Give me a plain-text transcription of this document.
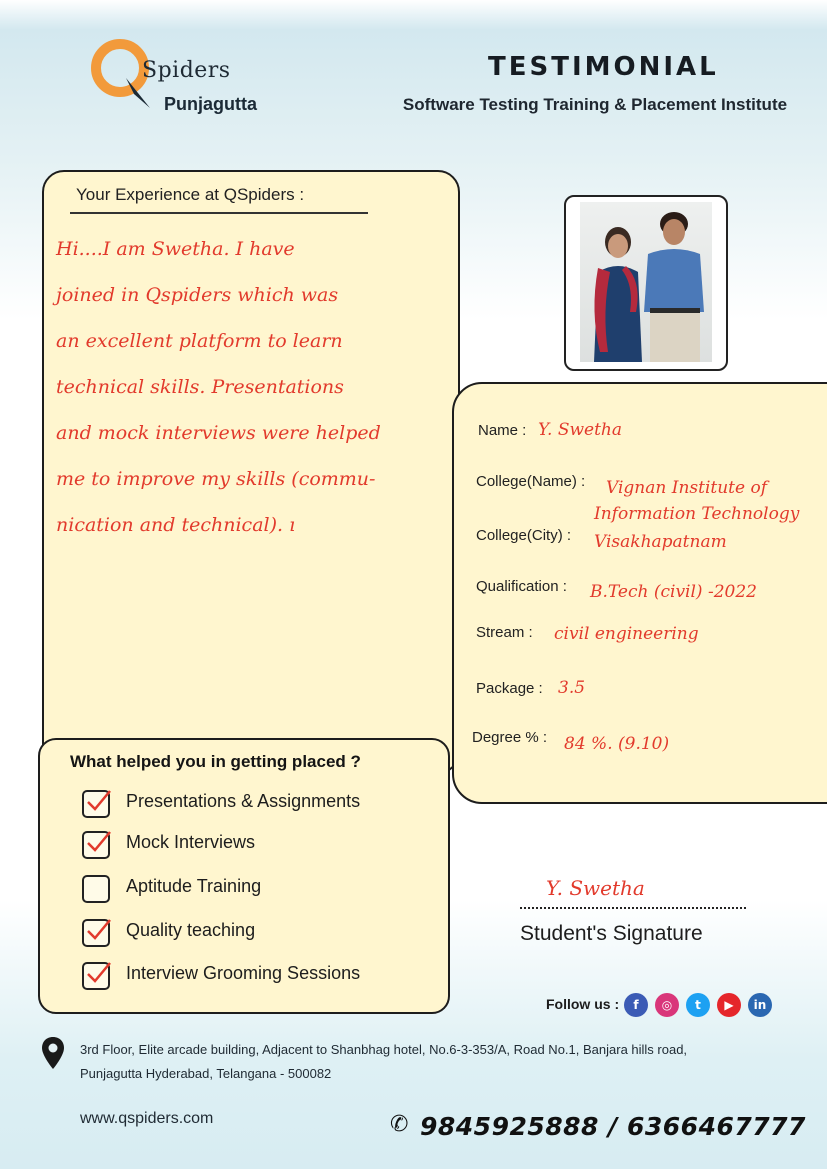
Spiders
Punjagutta
TESTIMONIAL
Software Testing Training & Placement Institute
Your Experience at QSpiders :
Hi....I am Swetha. I have
joined in Qspiders which was
an excellent platform to learn
technical skills. Presentations
and mock interviews were helped
me to improve my skills (commu-
nication and technical). ı
Name : Y. Swetha
College(Name) : Vignan Institute of
Information Technology
College(City) : Visakhapatnam
Qualification : B.Tech (civil) -2022
Stream : civil engineering
Package : 3.5
Degree % : 84 %. (9.10)
What helped you in getting placed ?
Presentations & Assignments
Mock Interviews
Aptitude Training
Quality teaching
Interview Grooming Sessions
Y. Swetha
Student's Signature
Follow us :	f	◎	t	▶	in
3rd Floor, Elite arcade building, Adjacent to Shanbhag hotel, No.6-3-353/A, Road No.1, Banjara hills road,
Punjagutta Hyderabad, Telangana - 500082
www.qspiders.com	✆ 9845925888 / 6366467777
